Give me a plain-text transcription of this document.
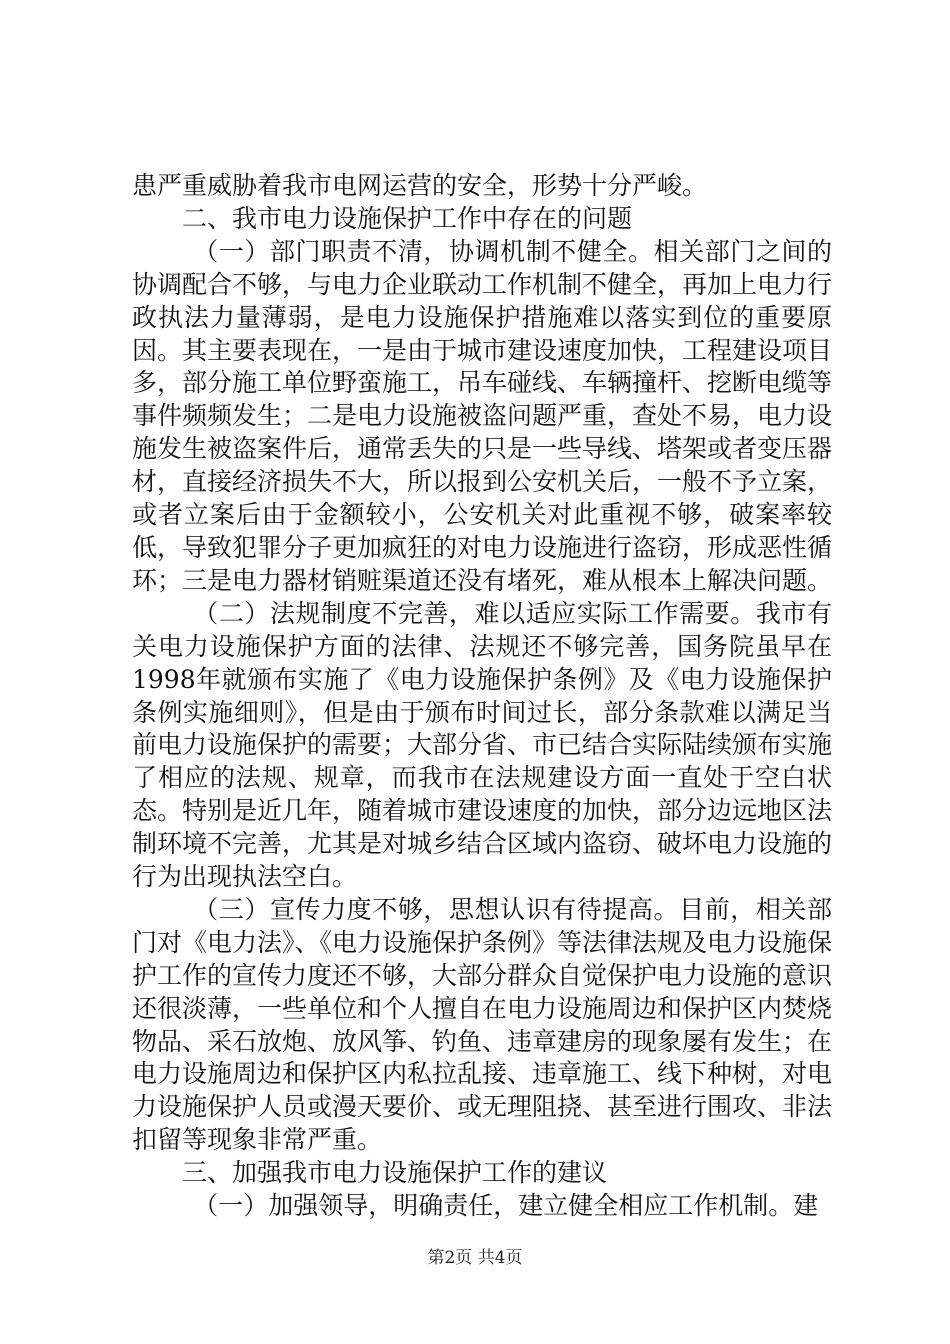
患严重威胁着我市电网运营的安全，形势十分严峻。

二、我市电力设施保护工作中存在的问题

（一）部门职责不清，协调机制不健全。相关部门之间的协调配合不够，与电力企业联动工作机制不健全，再加上电力行政执法力量薄弱，是电力设施保护措施难以落实到位的重要原因。其主要表现在，一是由于城市建设速度加快，工程建设项目多，部分施工单位野蛮施工，吊车碰线、车辆撞杆、挖断电缆等事件频频发生；二是电力设施被盗问题严重，查处不易，电力设施发生被盗案件后，通常丢失的只是一些导线、塔架或者变压器材，直接经济损失不大，所以报到公安机关后，一般不予立案，或者立案后由于金额较小，公安机关对此重视不够，破案率较低，导致犯罪分子更加疯狂的对电力设施进行盗窃，形成恶性循环；三是电力器材销赃渠道还没有堵死，难从根本上解决问题。

（二）法规制度不完善，难以适应实际工作需要。我市有关电力设施保护方面的法律、法规还不够完善，国务院虽早在1998年就颁布实施了《电力设施保护条例》及《电力设施保护条例实施细则》，但是由于颁布时间过长，部分条款难以满足当前电力设施保护的需要；大部分省、市已结合实际陆续颁布实施了相应的法规、规章，而我市在法规建设方面一直处于空白状态。特别是近几年，随着城市建设速度的加快，部分边远地区法制环境不完善，尤其是对城乡结合区域内盗窃、破坏电力设施的行为出现执法空白。

（三）宣传力度不够，思想认识有待提高。目前，相关部门对《电力法》、《电力设施保护条例》等法律法规及电力设施保护工作的宣传力度还不够，大部分群众自觉保护电力设施的意识还很淡薄，一些单位和个人擅自在电力设施周边和保护区内焚烧物品、采石放炮、放风筝、钓鱼、违章建房的现象屡有发生；在电力设施周边和保护区内私拉乱接、违章施工、线下种树，对电力设施保护人员或漫天要价、或无理阻挠、甚至进行围攻、非法扣留等现象非常严重。

三、加强我市电力设施保护工作的建议

（一）加强领导，明确责任，建立健全相应工作机制。建

第2页 共4页
